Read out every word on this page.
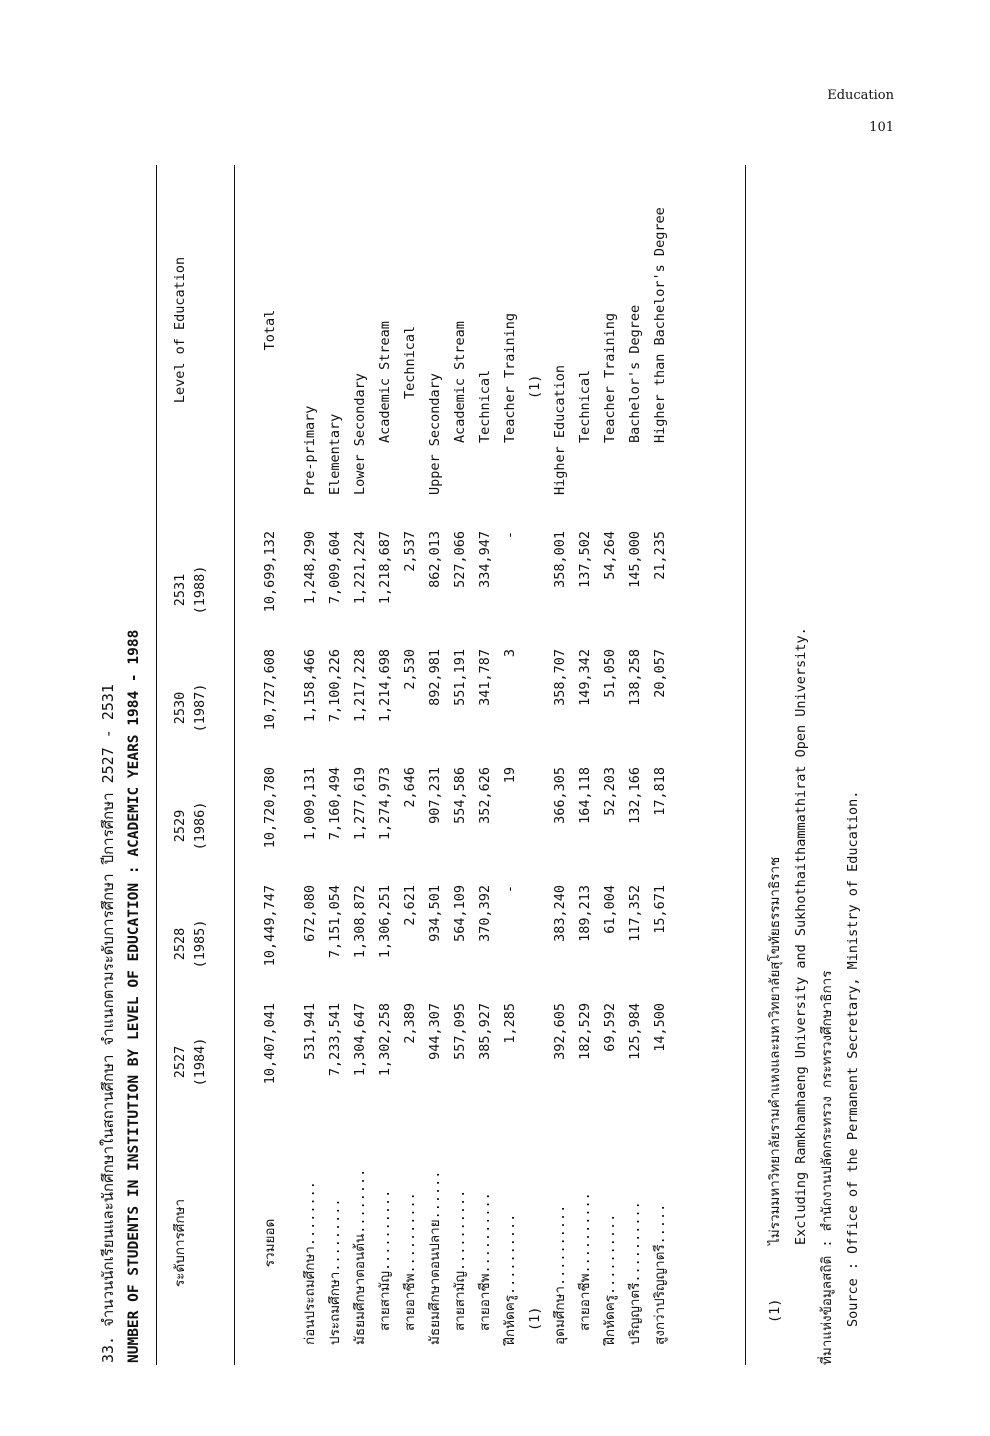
Education
101
33. จำนวนนักเรียนและนักศึกษาในสถานศึกษา จำแนกตามระดับการศึกษา ปีการศึกษา 2527 - 2531 NUMBER OF STUDENTS IN INSTITUTION BY LEVEL OF EDUCATION : ACADEMIC YEARS 1984 - 1988 ระดับการศึกษา	2527 (1984)	2528 (1985)	2529 (1986)	2530 (1987)	2531 (1988)	Level of Education

รวมยอด	10,407,041	10,449,747	10,720,780	10,727,608	10,699,132	Total

ก่อนประถมศึกษา........	531,941	672,080	1,009,131	1,158,466	1,248,290	Pre-primary
ประถมศึกษา.........	7,233,541	7,151,054	7,160,494	7,100,226	7,009,604	Elementary
มัธยมศึกษาตอนต้น........	1,304,647	1,308,872	1,277,619	1,217,228	1,221,224	Lower Secondary
สายสามัญ..........	1,302,258	1,306,251	1,274,973	1,214,698	1,218,687	Academic Stream
สายอาชีพ..........	2,389	2,621	2,646	2,530	2,537	Technical
มัธยมศึกษาตอนปลาย......	944,307	934,501	907,231	892,981	862,013	Upper Secondary
สายสามัญ..........	557,095	564,109	554,586	551,191	527,066	Academic Stream
สายอาชีพ..........	385,927	370,392	352,626	341,787	334,947	Technical
ฝึกหัดครู..........	1,285	-	19	3	-	Teacher Training
(1)						(1)
อุดมศึกษา..........	392,605	383,240	366,305	358,707	358,001	Higher Education
สายอาชีพ..........	182,529	189,213	164,118	149,342	137,502	Technical
ฝึกหัดครู..........	69,592	61,004	52,203	51,050	54,264	Teacher Training
ปริญญาตรี..........	125,984	117,352	132,166	138,258	145,000	Bachelor's Degree
สูงกว่าปริญญาตรี.....	14,500	15,671	17,818	20,057	21,235	Higher than Bachelor's Degree
(1)
ไม่รวมมหาวิทยาลัยรามคำแหงและมหาวิทยาลัยสุโขทัยธรรมาธิราช Excluding Ramkhamhaeng University and Sukhothaithammathirat Open University. ที่มาแห่งข้อมูลสถิติ : สำนักงานปลัดกระทรวง กระทรวงศึกษาธิการ Source : Office of the Permanent Secretary, Ministry of Education.
